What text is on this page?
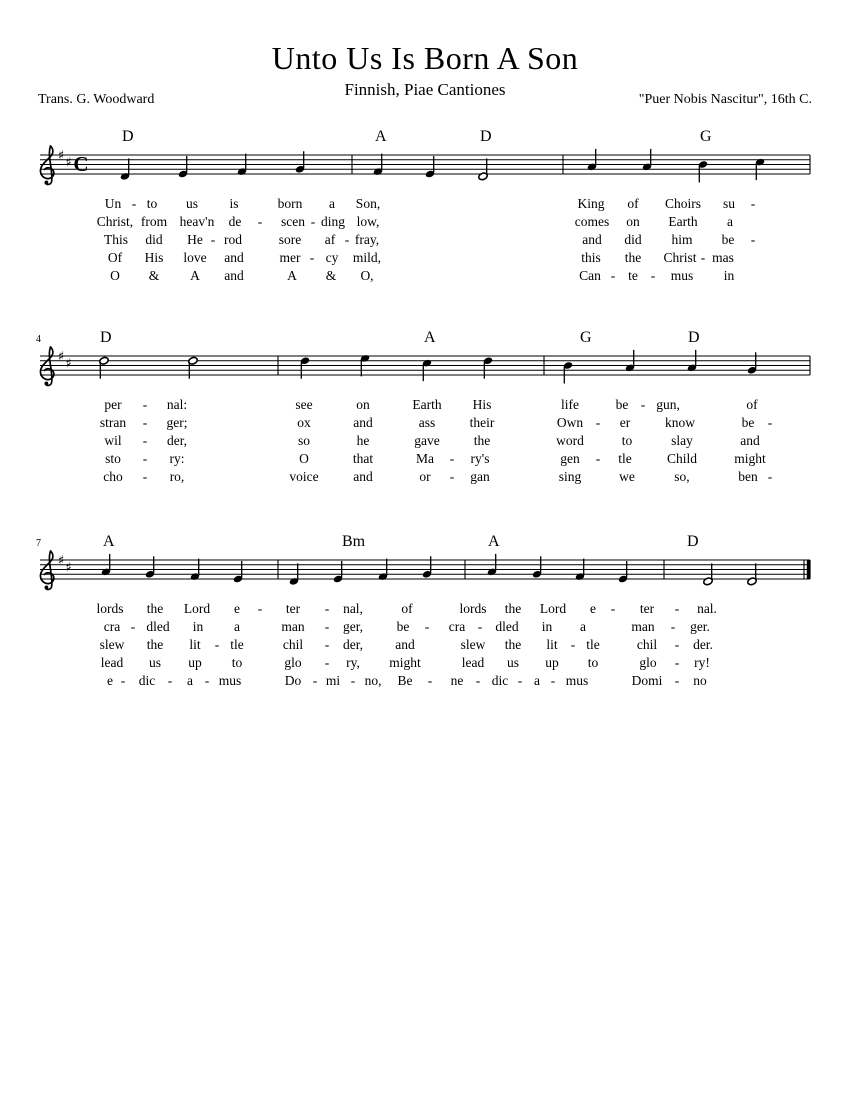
Unto Us Is Born A Son
Finnish, Piae Cantiones
Trans. G. Woodward	"Puer Nobis Nascitur", 16th C.
♯ ♯ C
D	A	D	G
♯ ♯
4	D	A	G	D
♯ ♯
7	A	Bm	A	D
Un - to us is	born a Son,	King of Choirs su -
Christ, from heav'n de - scen - ding low,	comes on Earth a
This did He - rod	sore af - fray,	and did him be -
Of His love and	mer - cy mild,	this the Christ - mas
O & A and	A & O,	Can - te - mus in
per - nal:	see	on	Earth His	life	be - gun,	of
stran - ger;	ox	and	ass	their	Own - er	know	be -
wil - der,	so	he	gave	the	word	to	slay	and
sto - ry:	O	that	Ma - ry's	gen - tle	Child	might
cho - ro,	voice	and	or - gan	sing	we	so,	ben -
lords the Lord e - ter - nal,	of	lords the Lord e - ter - nal.
cra - dled in a	man - ger, be - cra - dled in a	man - ger.
slew the lit - tle	chil - der, and	slew the lit - tle	chil - der.
lead us up to	glo - ry, might	lead us up to	glo - ry!
e - dic - a - mus	Do - mi - no, Be - ne - dic - a - mus	Domi - no
